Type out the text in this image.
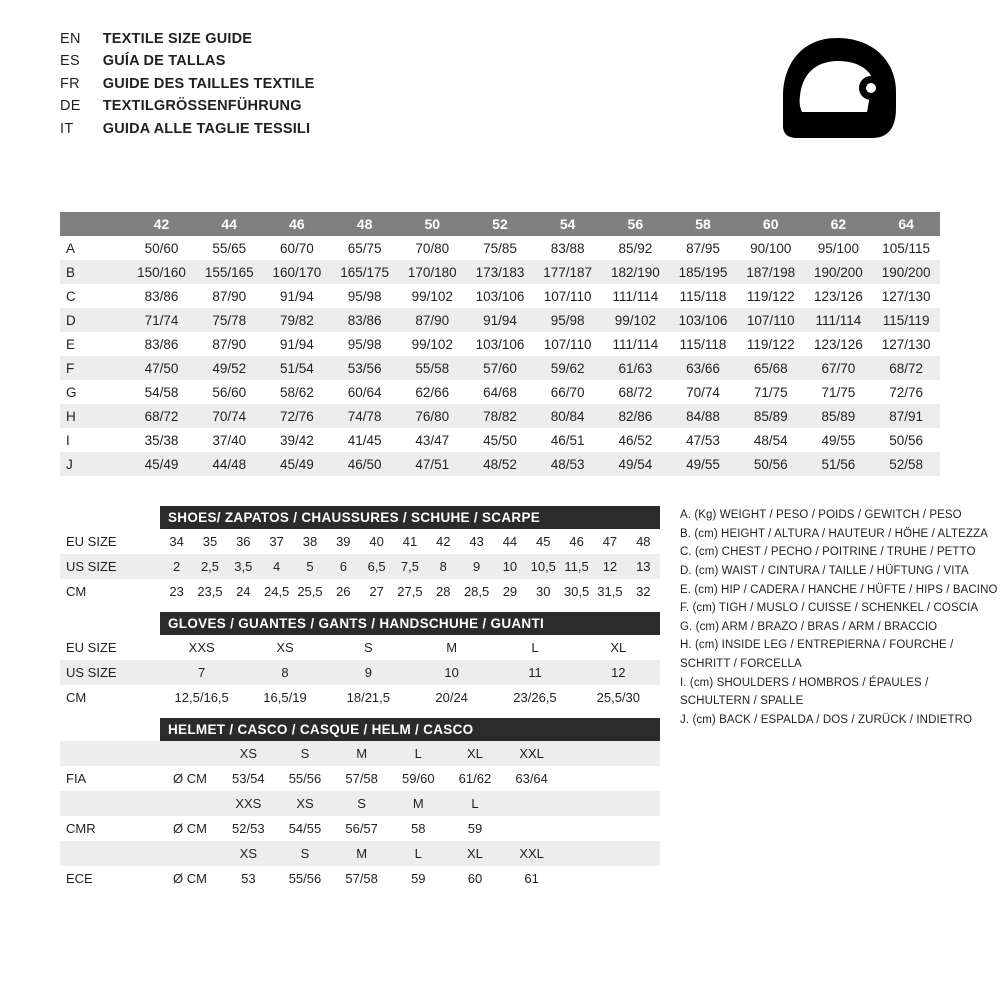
EN	TEXTILE SIZE GUIDE
ES	GUÍA DE TALLAS
FR	GUIDE DES TAILLES TEXTILE
DE	TEXTILGRÖSSENFÜHRUNG
IT	GUIDA ALLE TAGLIE TESSILI
		S		M		L		XL		XXL		
	42	44	46	48	50	52	54	56	58	60	62	64
A	50/60	55/65	60/70	65/75	70/80	75/85	83/88	85/92	87/95	90/100	95/100	105/115
B	150/160	155/165	160/170	165/175	170/180	173/183	177/187	182/190	185/195	187/198	190/200	190/200
C	83/86	87/90	91/94	95/98	99/102	103/106	107/110	111/114	115/118	119/122	123/126	127/130
D	71/74	75/78	79/82	83/86	87/90	91/94	95/98	99/102	103/106	107/110	111/114	115/119
E	83/86	87/90	91/94	95/98	99/102	103/106	107/110	111/114	115/118	119/122	123/126	127/130
F	47/50	49/52	51/54	53/56	55/58	57/60	59/62	61/63	63/66	65/68	67/70	68/72
G	54/58	56/60	58/62	60/64	62/66	64/68	66/70	68/72	70/74	71/75	71/75	72/76
H	68/72	70/74	72/76	74/78	76/80	78/82	80/84	82/86	84/88	85/89	85/89	87/91
I	35/38	37/40	39/42	41/45	43/47	45/50	46/51	46/52	47/53	48/54	49/55	50/56
J	45/49	44/48	45/49	46/50	47/51	48/52	48/53	49/54	49/55	50/56	51/56	52/58
SHOES/ ZAPATOS / CHAUSSURES / SCHUHE / SCARPE
EU SIZE	34	35	36	37	38	39	40	41	42	43	44	45	46	47	48
US SIZE	2	2,5	3,5	4	5	6	6,5	7,5	8	9	10	10,5	11,5	12	13
CM	23	23,5	24	24,5	25,5	26	27	27,5	28	28,5	29	30	30,5	31,5	32
GLOVES / GUANTES / GANTS / HANDSCHUHE / GUANTI
EU SIZE	XXS	XS	S	M	L	XL
US SIZE	7	8	9	10	11	12
CM	12,5/16,5	16,5/19	18/21,5	20/24	23/26,5	25,5/30
HELMET / CASCO / CASQUE / HELM / CASCO
		XS	S	M	L	XL	XXL	
FIA	Ø CM	53/54	55/56	57/58	59/60	61/62	63/64	
		XXS	XS	S	M	L		
CMR	Ø CM	52/53	54/55	56/57	58	59		
		XS	S	M	L	XL	XXL	
ECE	Ø CM	53	55/56	57/58	59	60	61	
A. (Kg) WEIGHT / PESO / POIDS / GEWITCH / PESO
B. (cm) HEIGHT / ALTURA / HAUTEUR / HÖHE / ALTEZZA
C. (cm) CHEST / PECHO / POITRINE / TRUHE / PETTO
D. (cm) WAIST / CINTURA / TAILLE / HÜFTUNG / VITA
E. (cm) HIP / CADERA / HANCHE / HÜFTE / HIPS / BACINO
F. (cm) TIGH / MUSLO / CUISSE / SCHENKEL / COSCIA
G. (cm) ARM / BRAZO / BRAS / ARM / BRACCIO
H. (cm) INSIDE LEG / ENTREPIERNA / FOURCHE /
SCHRITT / FORCELLA
I. (cm) SHOULDERS / HOMBROS / ÉPAULES /
SCHULTERN / SPALLE
J. (cm) BACK / ESPALDA / DOS / ZURÜCK / INDIETRO
